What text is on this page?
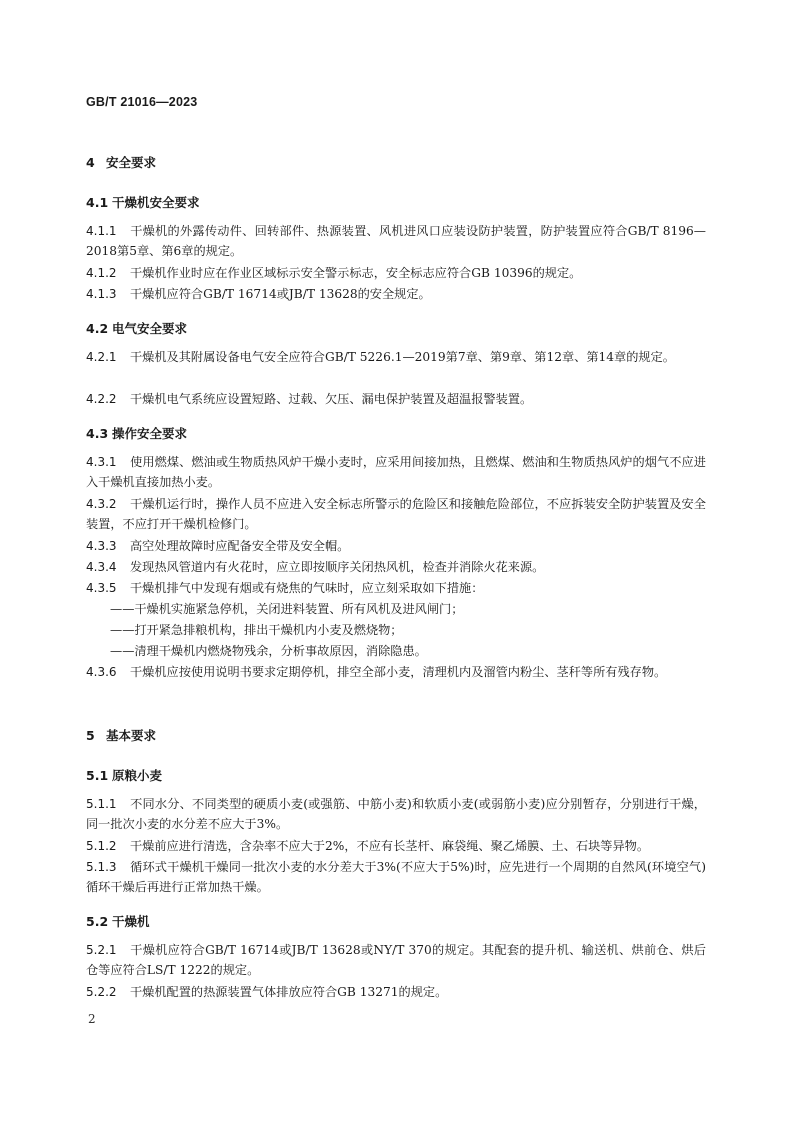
GB/T 21016—2023
4 安全要求
4.1 干燥机安全要求
4.1.1 干燥机的外露传动件、回转部件、热源装置、风机进风口应装设防护装置，防护装置应符合GB/T 8196—2018第5章、第6章的规定。
4.1.2 干燥机作业时应在作业区域标示安全警示标志，安全标志应符合GB 10396的规定。
4.1.3 干燥机应符合GB/T 16714或JB/T 13628的安全规定。
4.2 电气安全要求
4.2.1 干燥机及其附属设备电气安全应符合GB/T 5226.1—2019第7章、第9章、第12章、第14章的规定。
4.2.2 干燥机电气系统应设置短路、过载、欠压、漏电保护装置及超温报警装置。
4.3 操作安全要求
4.3.1 使用燃煤、燃油或生物质热风炉干燥小麦时，应采用间接加热，且燃煤、燃油和生物质热风炉的烟气不应进入干燥机直接加热小麦。
4.3.2 干燥机运行时，操作人员不应进入安全标志所警示的危险区和接触危险部位，不应拆装安全防护装置及安全装置，不应打开干燥机检修门。
4.3.3 高空处理故障时应配备安全带及安全帽。
4.3.4 发现热风管道内有火花时，应立即按顺序关闭热风机，检查并消除火花来源。
4.3.5 干燥机排气中发现有烟或有烧焦的气味时，应立刻采取如下措施：
——干燥机实施紧急停机，关闭进料装置、所有风机及进风闸门；
——打开紧急排粮机构，排出干燥机内小麦及燃烧物；
——清理干燥机内燃烧物残余，分析事故原因，消除隐患。
4.3.6 干燥机应按使用说明书要求定期停机，排空全部小麦，清理机内及溜管内粉尘、茎秆等所有残存物。
5 基本要求
5.1 原粮小麦
5.1.1 不同水分、不同类型的硬质小麦(或强筋、中筋小麦)和软质小麦(或弱筋小麦)应分别暂存，分别进行干燥，同一批次小麦的水分差不应大于3%。
5.1.2 干燥前应进行清选，含杂率不应大于2%，不应有长茎杆、麻袋绳、聚乙烯膜、土、石块等异物。
5.1.3 循环式干燥机干燥同一批次小麦的水分差大于3%(不应大于5%)时，应先进行一个周期的自然风(环境空气)循环干燥后再进行正常加热干燥。
5.2 干燥机
5.2.1 干燥机应符合GB/T 16714或JB/T 13628或NY/T 370的规定。其配套的提升机、输送机、烘前仓、烘后仓等应符合LS/T 1222的规定。
5.2.2 干燥机配置的热源装置气体排放应符合GB 13271的规定。
2
